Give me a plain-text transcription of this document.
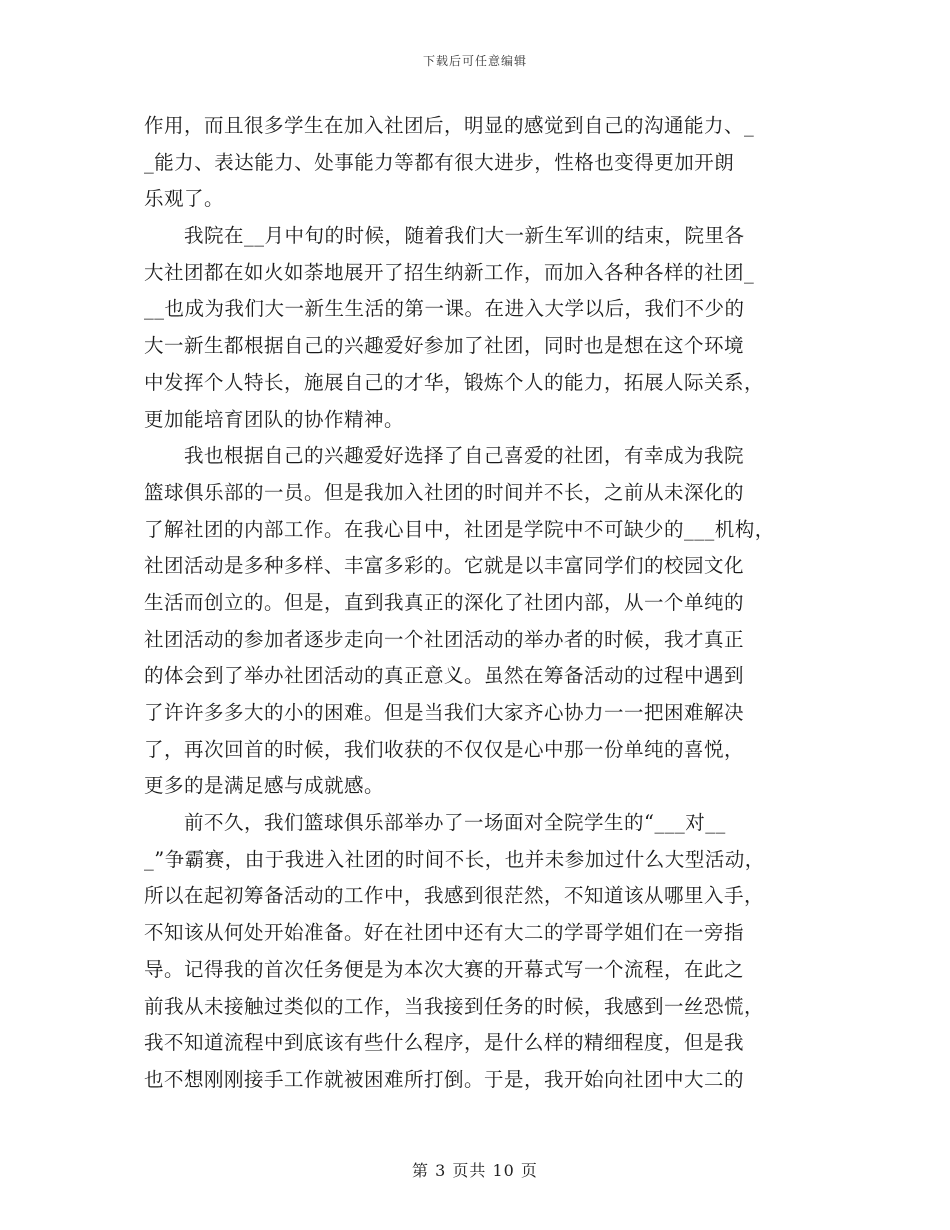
下载后可任意编辑
作用，而且很多学生在加入社团后，明显的感觉到自己的沟通能力、_
_能力、表达能力、处事能力等都有很大进步，性格也变得更加开朗
乐观了。
　　我院在__月中旬的时候，随着我们大一新生军训的结束，院里各
大社团都在如火如荼地展开了招生纳新工作，而加入各种各样的社团_
__也成为我们大一新生生活的第一课。在进入大学以后，我们不少的
大一新生都根据自己的兴趣爱好参加了社团，同时也是想在这个环境
中发挥个人特长，施展自己的才华，锻炼个人的能力，拓展人际关系，
更加能培育团队的协作精神。
　　我也根据自己的兴趣爱好选择了自己喜爱的社团，有幸成为我院
篮球俱乐部的一员。但是我加入社团的时间并不长，之前从未深化的
了解社团的内部工作。在我心目中，社团是学院中不可缺少的___机构，
社团活动是多种多样、丰富多彩的。它就是以丰富同学们的校园文化
生活而创立的。但是，直到我真正的深化了社团内部，从一个单纯的
社团活动的参加者逐步走向一个社团活动的举办者的时候，我才真正
的体会到了举办社团活动的真正意义。虽然在筹备活动的过程中遇到
了许许多多大的小的困难。但是当我们大家齐心协力一一把困难解决
了，再次回首的时候，我们收获的不仅仅是心中那一份单纯的喜悦，
更多的是满足感与成就感。
　　前不久，我们篮球俱乐部举办了一场面对全院学生的“___对__
_”争霸赛，由于我进入社团的时间不长，也并未参加过什么大型活动，
所以在起初筹备活动的工作中，我感到很茫然，不知道该从哪里入手，
不知该从何处开始准备。好在社团中还有大二的学哥学姐们在一旁指
导。记得我的首次任务便是为本次大赛的开幕式写一个流程，在此之
前我从未接触过类似的工作，当我接到任务的时候，我感到一丝恐慌，
我不知道流程中到底该有些什么程序，是什么样的精细程度，但是我
也不想刚刚接手工作就被困难所打倒。于是，我开始向社团中大二的
第 3 页共 10 页
